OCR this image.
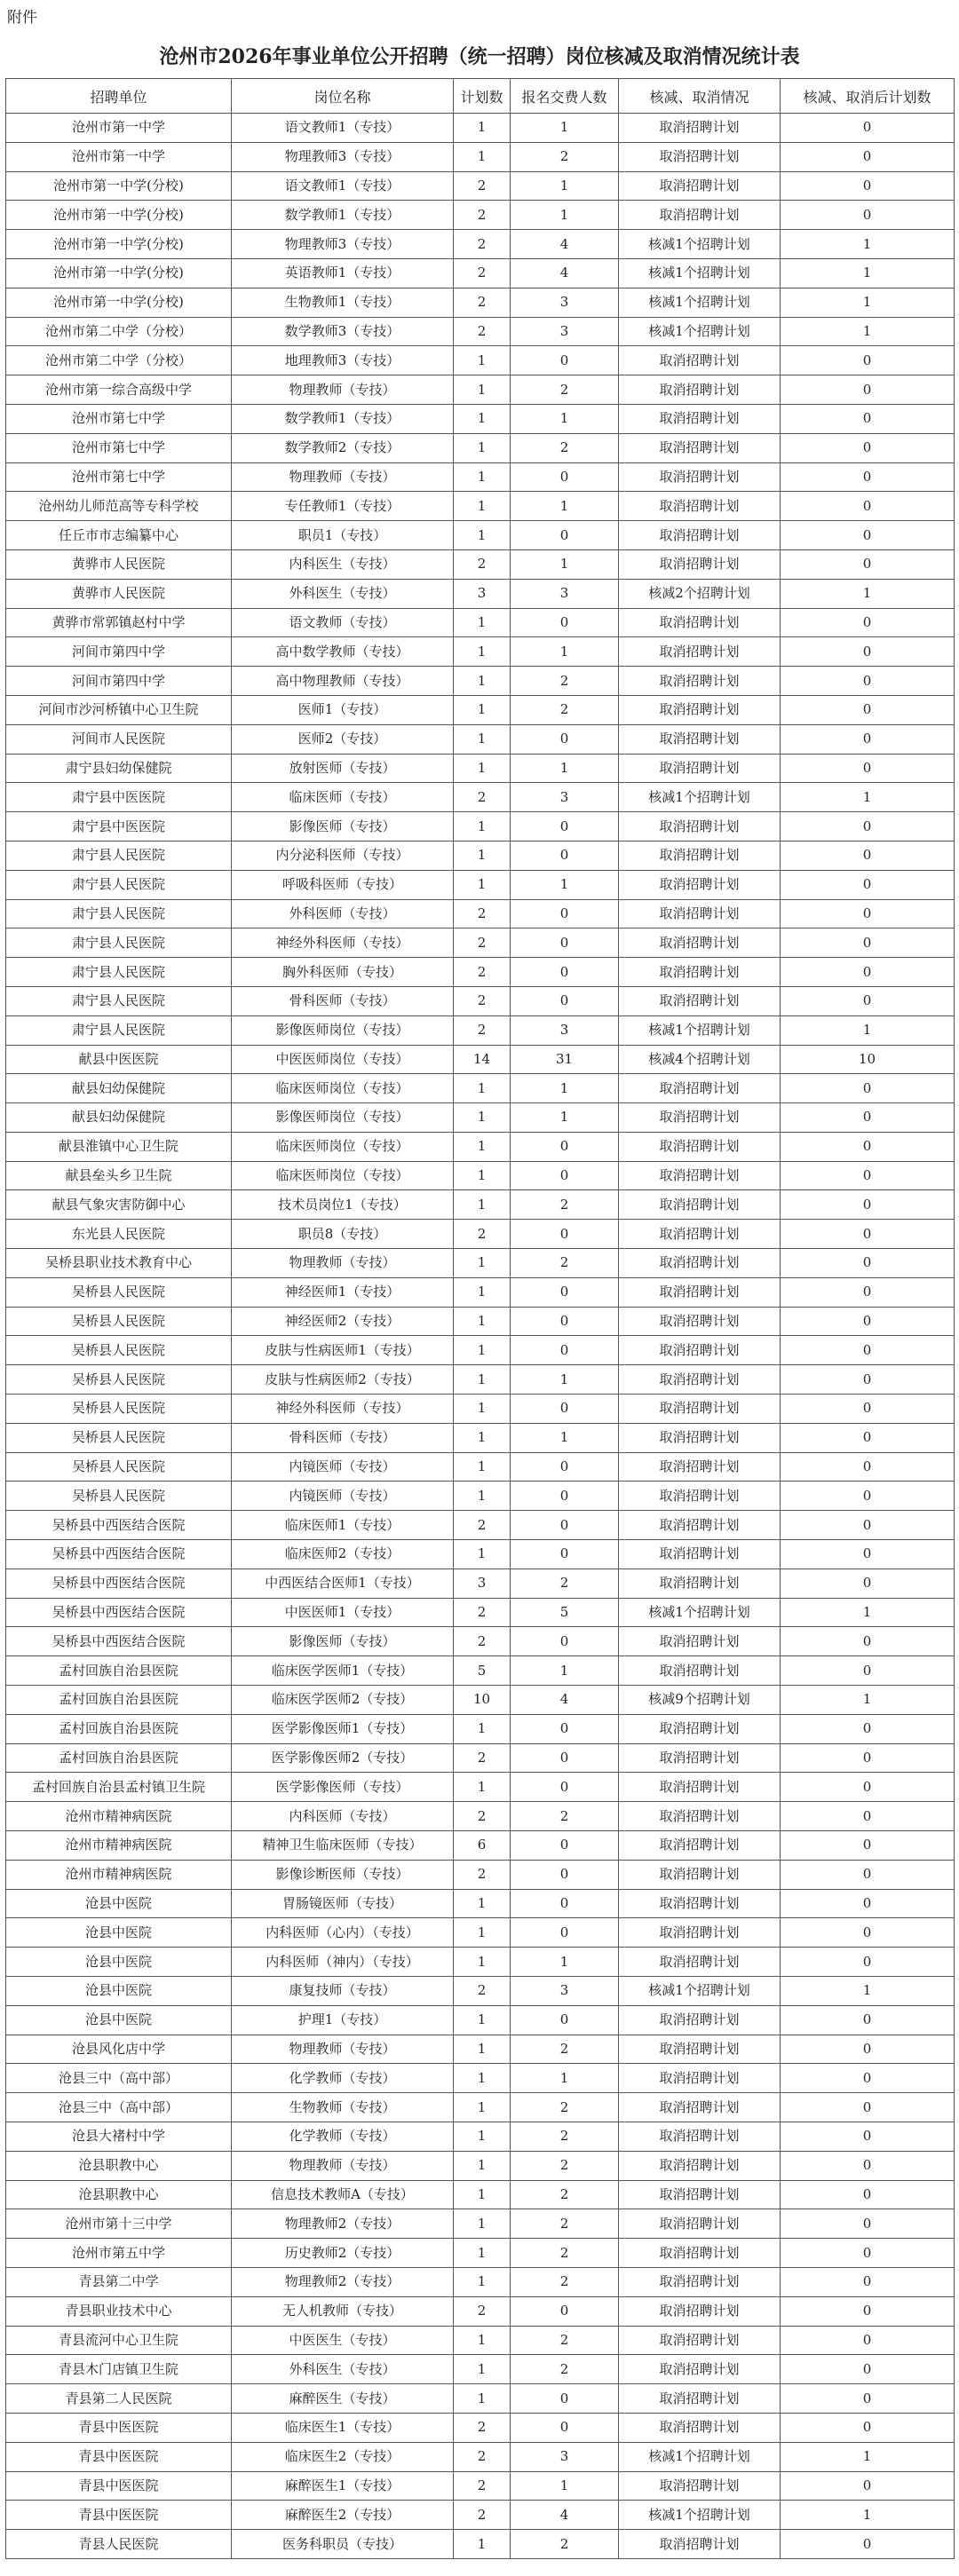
附件
沧州市2026年事业单位公开招聘（统一招聘）岗位核减及取消情况统计表
招聘单位	岗位名称	计划数	报名交费人数	核减、取消情况	核减、取消后计划数
沧州市第一中学	语文教师1（专技）	1	1	取消招聘计划	0
沧州市第一中学	物理教师3（专技）	1	2	取消招聘计划	0
沧州市第一中学(分校)	语文教师1（专技）	2	1	取消招聘计划	0
沧州市第一中学(分校)	数学教师1（专技）	2	1	取消招聘计划	0
沧州市第一中学(分校)	物理教师3（专技）	2	4	核减1个招聘计划	1
沧州市第一中学(分校)	英语教师1（专技）	2	4	核减1个招聘计划	1
沧州市第一中学(分校)	生物教师1（专技）	2	3	核减1个招聘计划	1
沧州市第二中学（分校）	数学教师3（专技）	2	3	核减1个招聘计划	1
沧州市第二中学（分校）	地理教师3（专技）	1	0	取消招聘计划	0
沧州市第一综合高级中学	物理教师（专技）	1	2	取消招聘计划	0
沧州市第七中学	数学教师1（专技）	1	1	取消招聘计划	0
沧州市第七中学	数学教师2（专技）	1	2	取消招聘计划	0
沧州市第七中学	物理教师（专技）	1	0	取消招聘计划	0
沧州幼儿师范高等专科学校	专任教师1（专技）	1	1	取消招聘计划	0
任丘市市志编纂中心	职员1（专技）	1	0	取消招聘计划	0
黄骅市人民医院	内科医生（专技）	2	1	取消招聘计划	0
黄骅市人民医院	外科医生（专技）	3	3	核减2个招聘计划	1
黄骅市常郭镇赵村中学	语文教师（专技）	1	0	取消招聘计划	0
河间市第四中学	高中数学教师（专技）	1	1	取消招聘计划	0
河间市第四中学	高中物理教师（专技）	1	2	取消招聘计划	0
河间市沙河桥镇中心卫生院	医师1（专技）	1	2	取消招聘计划	0
河间市人民医院	医师2（专技）	1	0	取消招聘计划	0
肃宁县妇幼保健院	放射医师（专技）	1	1	取消招聘计划	0
肃宁县中医医院	临床医师（专技）	2	3	核减1个招聘计划	1
肃宁县中医医院	影像医师（专技）	1	0	取消招聘计划	0
肃宁县人民医院	内分泌科医师（专技）	1	0	取消招聘计划	0
肃宁县人民医院	呼吸科医师（专技）	1	1	取消招聘计划	0
肃宁县人民医院	外科医师（专技）	2	0	取消招聘计划	0
肃宁县人民医院	神经外科医师（专技）	2	0	取消招聘计划	0
肃宁县人民医院	胸外科医师（专技）	2	0	取消招聘计划	0
肃宁县人民医院	骨科医师（专技）	2	0	取消招聘计划	0
肃宁县人民医院	影像医师岗位（专技）	2	3	核减1个招聘计划	1
献县中医医院	中医医师岗位（专技）	14	31	核减4个招聘计划	10
献县妇幼保健院	临床医师岗位（专技）	1	1	取消招聘计划	0
献县妇幼保健院	影像医师岗位（专技）	1	1	取消招聘计划	0
献县淮镇中心卫生院	临床医师岗位（专技）	1	0	取消招聘计划	0
献县垒头乡卫生院	临床医师岗位（专技）	1	0	取消招聘计划	0
献县气象灾害防御中心	技术员岗位1（专技）	1	2	取消招聘计划	0
东光县人民医院	职员8（专技）	2	0	取消招聘计划	0
吴桥县职业技术教育中心	物理教师（专技）	1	2	取消招聘计划	0
吴桥县人民医院	神经医师1（专技）	1	0	取消招聘计划	0
吴桥县人民医院	神经医师2（专技）	1	0	取消招聘计划	0
吴桥县人民医院	皮肤与性病医师1（专技）	1	0	取消招聘计划	0
吴桥县人民医院	皮肤与性病医师2（专技）	1	1	取消招聘计划	0
吴桥县人民医院	神经外科医师（专技）	1	0	取消招聘计划	0
吴桥县人民医院	骨科医师（专技）	1	1	取消招聘计划	0
吴桥县人民医院	内镜医师（专技）	1	0	取消招聘计划	0
吴桥县人民医院	内镜医师（专技）	1	0	取消招聘计划	0
吴桥县中西医结合医院	临床医师1（专技）	2	0	取消招聘计划	0
吴桥县中西医结合医院	临床医师2（专技）	1	0	取消招聘计划	0
吴桥县中西医结合医院	中西医结合医师1（专技）	3	2	取消招聘计划	0
吴桥县中西医结合医院	中医医师1（专技）	2	5	核减1个招聘计划	1
吴桥县中西医结合医院	影像医师（专技）	2	0	取消招聘计划	0
孟村回族自治县医院	临床医学医师1（专技）	5	1	取消招聘计划	0
孟村回族自治县医院	临床医学医师2（专技）	10	4	核减9个招聘计划	1
孟村回族自治县医院	医学影像医师1（专技）	1	0	取消招聘计划	0
孟村回族自治县医院	医学影像医师2（专技）	2	0	取消招聘计划	0
孟村回族自治县孟村镇卫生院	医学影像医师（专技）	1	0	取消招聘计划	0
沧州市精神病医院	内科医师（专技）	2	2	取消招聘计划	0
沧州市精神病医院	精神卫生临床医师（专技）	6	0	取消招聘计划	0
沧州市精神病医院	影像诊断医师（专技）	2	0	取消招聘计划	0
沧县中医院	胃肠镜医师（专技）	1	0	取消招聘计划	0
沧县中医院	内科医师（心内）（专技）	1	0	取消招聘计划	0
沧县中医院	内科医师（神内）（专技）	1	1	取消招聘计划	0
沧县中医院	康复技师（专技）	2	3	核减1个招聘计划	1
沧县中医院	护理1（专技）	1	0	取消招聘计划	0
沧县风化店中学	物理教师（专技）	1	2	取消招聘计划	0
沧县三中（高中部）	化学教师（专技）	1	1	取消招聘计划	0
沧县三中（高中部）	生物教师（专技）	1	2	取消招聘计划	0
沧县大褚村中学	化学教师（专技）	1	2	取消招聘计划	0
沧县职教中心	物理教师（专技）	1	2	取消招聘计划	0
沧县职教中心	信息技术教师A（专技）	1	2	取消招聘计划	0
沧州市第十三中学	物理教师2（专技）	1	2	取消招聘计划	0
沧州市第五中学	历史教师2（专技）	1	2	取消招聘计划	0
青县第二中学	物理教师2（专技）	1	2	取消招聘计划	0
青县职业技术中心	无人机教师（专技）	2	0	取消招聘计划	0
青县流河中心卫生院	中医医生（专技）	1	2	取消招聘计划	0
青县木门店镇卫生院	外科医生（专技）	1	2	取消招聘计划	0
青县第二人民医院	麻醉医生（专技）	1	0	取消招聘计划	0
青县中医医院	临床医生1（专技）	2	0	取消招聘计划	0
青县中医医院	临床医生2（专技）	2	3	核减1个招聘计划	1
青县中医医院	麻醉医生1（专技）	2	1	取消招聘计划	0
青县中医医院	麻醉医生2（专技）	2	4	核减1个招聘计划	1
青县人民医院	医务科职员（专技）	1	2	取消招聘计划	0
